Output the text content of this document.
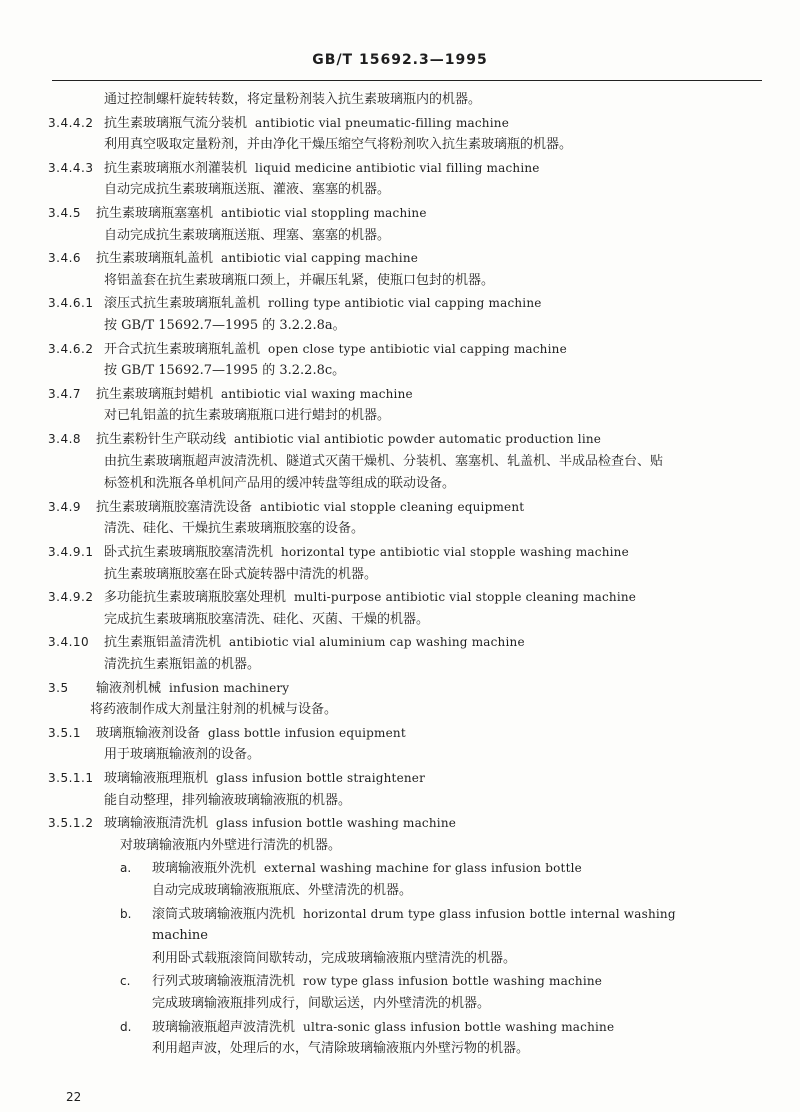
GB/T 15692.3—1995
通过控制螺杆旋转转数，将定量粉剂装入抗生素玻璃瓶内的机器。
3.4.4.2 抗生素玻璃瓶气流分装机 antibiotic vial pneumatic-filling machine
利用真空吸取定量粉剂，并由净化干燥压缩空气将粉剂吹入抗生素玻璃瓶的机器。
3.4.4.3 抗生素玻璃瓶水剂灌装机 liquid medicine antibiotic vial filling machine
自动完成抗生素玻璃瓶送瓶、灌液、塞塞的机器。
3.4.5 抗生素玻璃瓶塞塞机 antibiotic vial stoppling machine
自动完成抗生素玻璃瓶送瓶、理塞、塞塞的机器。
3.4.6 抗生素玻璃瓶轧盖机 antibiotic vial capping machine
将铝盖套在抗生素玻璃瓶口颈上，并碾压轧紧，使瓶口包封的机器。
3.4.6.1 滚压式抗生素玻璃瓶轧盖机 rolling type antibiotic vial capping machine
按 GB/T 15692.7—1995 的 3.2.2.8a。
3.4.6.2 开合式抗生素玻璃瓶轧盖机 open close type antibiotic vial capping machine
按 GB/T 15692.7—1995 的 3.2.2.8c。
3.4.7 抗生素玻璃瓶封蜡机 antibiotic vial waxing machine
对已轧铝盖的抗生素玻璃瓶瓶口进行蜡封的机器。
3.4.8 抗生素粉针生产联动线 antibiotic vial antibiotic powder automatic production line
由抗生素玻璃瓶超声波清洗机、隧道式灭菌干燥机、分装机、塞塞机、轧盖机、半成品检查台、贴
标签机和洗瓶各单机间产品用的缓冲转盘等组成的联动设备。
3.4.9 抗生素玻璃瓶胶塞清洗设备 antibiotic vial stopple cleaning equipment
清洗、硅化、干燥抗生素玻璃瓶胶塞的设备。
3.4.9.1 卧式抗生素玻璃瓶胶塞清洗机 horizontal type antibiotic vial stopple washing machine
抗生素玻璃瓶胶塞在卧式旋转器中清洗的机器。
3.4.9.2 多功能抗生素玻璃瓶胶塞处理机 multi-purpose antibiotic vial stopple cleaning machine
完成抗生素玻璃瓶胶塞清洗、硅化、灭菌、干燥的机器。
3.4.10 抗生素瓶铝盖清洗机 antibiotic vial aluminium cap washing machine
清洗抗生素瓶铝盖的机器。
3.5 输液剂机械 infusion machinery
将药液制作成大剂量注射剂的机械与设备。
3.5.1 玻璃瓶输液剂设备 glass bottle infusion equipment
用于玻璃瓶输液剂的设备。
3.5.1.1 玻璃输液瓶理瓶机 glass infusion bottle straightener
能自动整理，排列输液玻璃输液瓶的机器。
3.5.1.2 玻璃输液瓶清洗机 glass infusion bottle washing machine
对玻璃输液瓶内外壁进行清洗的机器。
a. 玻璃输液瓶外洗机 external washing machine for glass infusion bottle
自动完成玻璃输液瓶瓶底、外壁清洗的机器。
b. 滚筒式玻璃输液瓶内洗机 horizontal drum type glass infusion bottle internal washing
machine
利用卧式载瓶滚筒间歇转动，完成玻璃输液瓶内壁清洗的机器。
c. 行列式玻璃输液瓶清洗机 row type glass infusion bottle washing machine
完成玻璃输液瓶排列成行，间歇运送，内外壁清洗的机器。
d. 玻璃输液瓶超声波清洗机 ultra-sonic glass infusion bottle washing machine
利用超声波，处理后的水，气清除玻璃输液瓶内外壁污物的机器。
22
